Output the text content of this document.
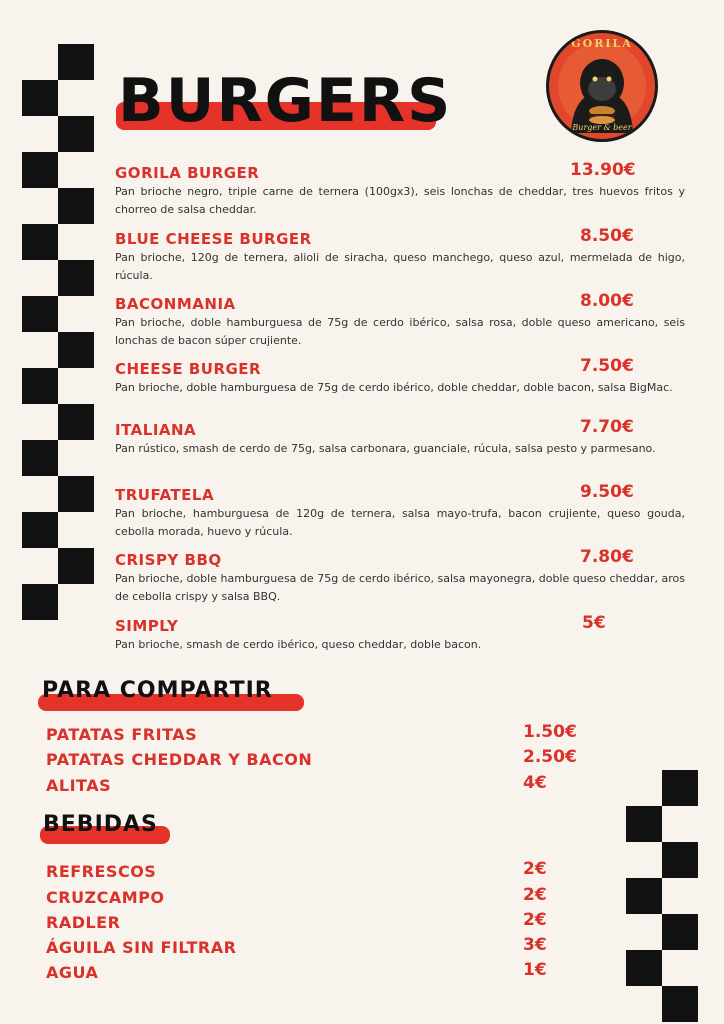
BURGERS
GORILA
Burger & beer
GORILA BURGER	13.90€
Pan brioche negro, triple carne de ternera (100gx3), seis lonchas de cheddar, tres huevos fritos y chorreo de salsa cheddar.
BLUE CHEESE BURGER	8.50€
Pan brioche, 120g de ternera, alioli de siracha, queso manchego, queso azul, mermelada de higo, rúcula.
BACONMANIA	8.00€
Pan brioche, doble hamburguesa de 75g de cerdo ibérico, salsa rosa, doble queso americano, seis lonchas de bacon súper crujiente.
CHEESE BURGER	7.50€
Pan brioche, doble hamburguesa de 75g de cerdo ibérico, doble cheddar, doble bacon, salsa BigMac.
ITALIANA	7.70€
Pan rústico, smash de cerdo de 75g, salsa carbonara, guanciale, rúcula, salsa pesto y parmesano.
TRUFATELA	9.50€
Pan brioche, hamburguesa de 120g de ternera, salsa mayo-trufa, bacon crujiente, queso gouda, cebolla morada, huevo y rúcula.
CRISPY BBQ	7.80€
Pan brioche, doble hamburguesa de 75g de cerdo ibérico, salsa mayonegra, doble queso cheddar, aros de cebolla crispy y salsa BBQ.
SIMPLY	5€
Pan brioche, smash de cerdo ibérico, queso cheddar, doble bacon.
PARA COMPARTIR
PATATAS FRITAS	1.50€
PATATAS CHEDDAR Y BACON	2.50€
ALITAS	4€
BEBIDAS
REFRESCOS	2€
CRUZCAMPO	2€
RADLER	2€
ÁGUILA SIN FILTRAR	3€
AGUA	1€
